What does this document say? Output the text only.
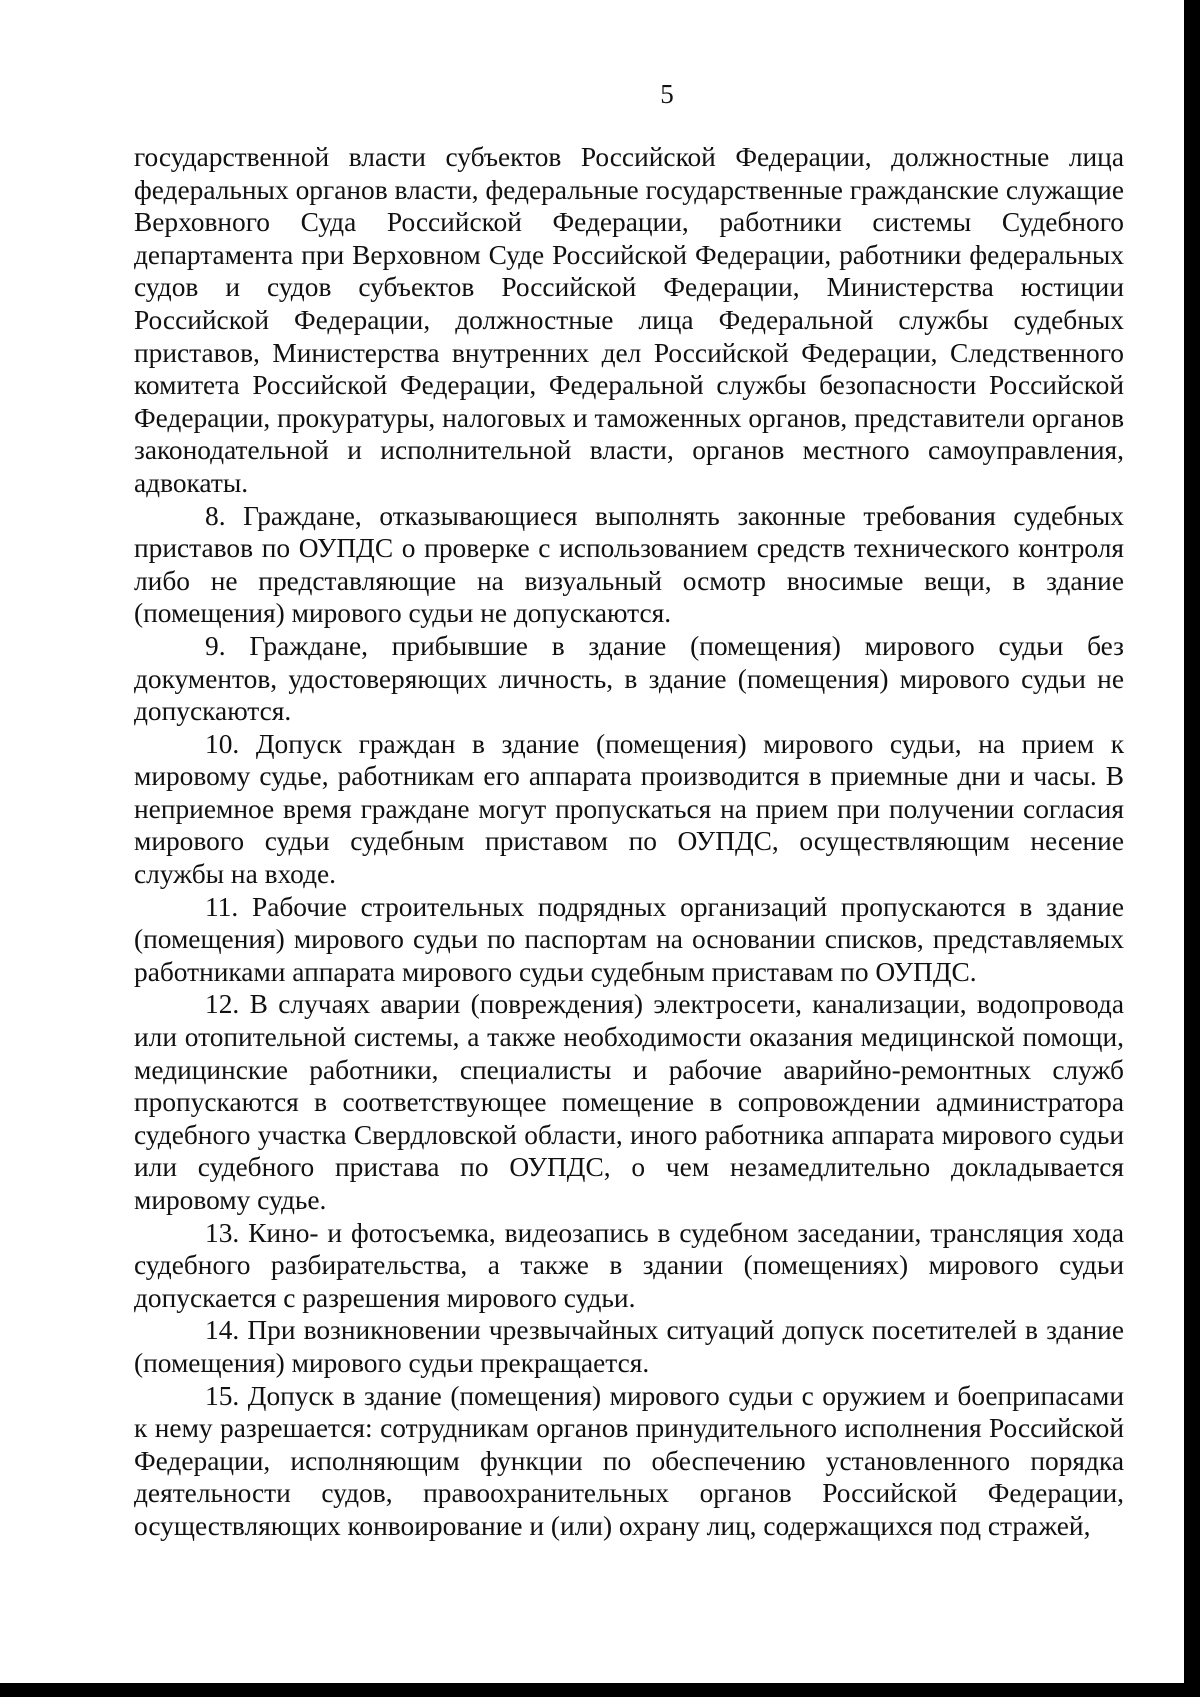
5

государственной власти субъектов Российской Федерации, должностные лица федеральных органов власти, федеральные государственные гражданские служащие Верховного Суда Российской Федерации, работники системы Судебного департамента при Верховном Суде Российской Федерации, работники федеральных судов и судов субъектов Российской Федерации, Министерства юстиции Российской Федерации, должностные лица Федеральной службы судебных приставов, Министерства внутренних дел Российской Федерации, Следственного комитета Российской Федерации, Федеральной службы безопасности Российской Федерации, прокуратуры, налоговых и таможенных органов, представители органов законодательной и исполнительной власти, органов местного самоуправления, адвокаты.

8. Граждане, отказывающиеся выполнять законные требования судебных приставов по ОУПДС о проверке с использованием средств технического контроля либо не представляющие на визуальный осмотр вносимые вещи, в здание (помещения) мирового судьи не допускаются.

9. Граждане, прибывшие в здание (помещения) мирового судьи без документов, удостоверяющих личность, в здание (помещения) мирового судьи не допускаются.

10. Допуск граждан в здание (помещения) мирового судьи, на прием к мировому судье, работникам его аппарата производится в приемные дни и часы. В неприемное время граждане могут пропускаться на прием при получении согласия мирового судьи судебным приставом по ОУПДС, осуществляющим несение службы на входе.

11. Рабочие строительных подрядных организаций пропускаются в здание (помещения) мирового судьи по паспортам на основании списков, представляемых работниками аппарата мирового судьи судебным приставам по ОУПДС.

12. В случаях аварии (повреждения) электросети, канализации, водопровода или отопительной системы, а также необходимости оказания медицинской помощи, медицинские работники, специалисты и рабочие аварийно-ремонтных служб пропускаются в соответствующее помещение в сопровождении администратора судебного участка Свердловской области, иного работника аппарата мирового судьи или судебного пристава по ОУПДС, о чем незамедлительно докладывается мировому судье.

13. Кино- и фотосъемка, видеозапись в судебном заседании, трансляция хода судебного разбирательства, а также в здании (помещениях) мирового судьи допускается с разрешения мирового судьи.

14. При возникновении чрезвычайных ситуаций допуск посетителей в здание (помещения) мирового судьи прекращается.

15. Допуск в здание (помещения) мирового судьи с оружием и боеприпасами к нему разрешается: сотрудникам органов принудительного исполнения Российской Федерации, исполняющим функции по обеспечению установленного порядка деятельности судов, правоохранительных органов Российской Федерации, осуществляющих конвоирование и (или) охрану лиц, содержащихся под стражей,
